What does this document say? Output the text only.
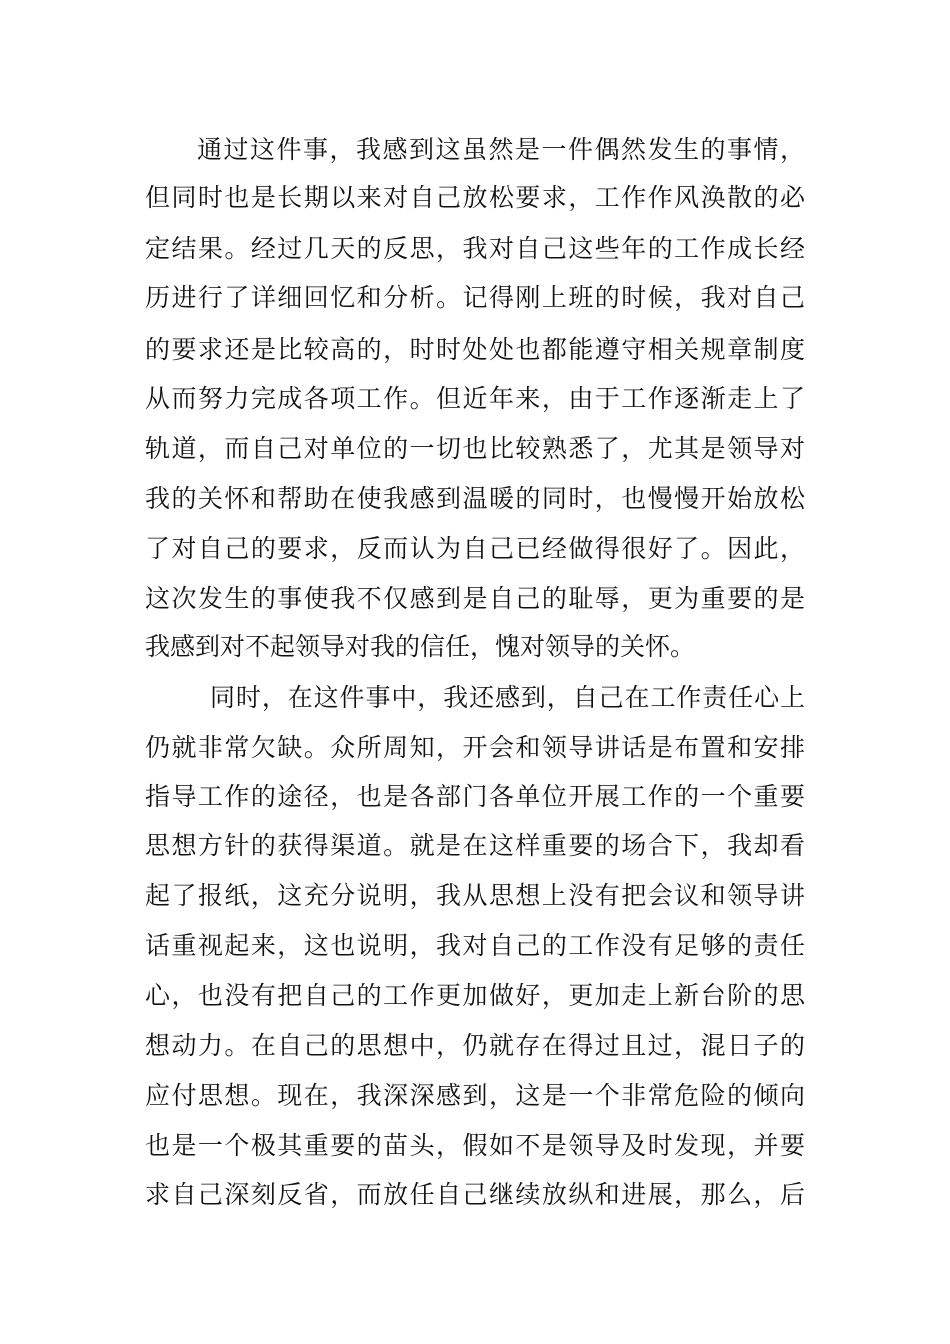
通过这件事，我感到这虽然是一件偶然发生的事情，
但同时也是长期以来对自己放松要求，工作作风涣散的必
定结果。经过几天的反思，我对自己这些年的工作成长经
历进行了详细回忆和分析。记得刚上班的时候，我对自己
的要求还是比较高的，时时处处也都能遵守相关规章制度
从而努力完成各项工作。但近年来，由于工作逐渐走上了
轨道，而自己对单位的一切也比较熟悉了，尤其是领导对
我的关怀和帮助在使我感到温暖的同时，也慢慢开始放松
了对自己的要求，反而认为自己已经做得很好了。因此，
这次发生的事使我不仅感到是自己的耻辱，更为重要的是
我感到对不起领导对我的信任，愧对领导的关怀。
同时，在这件事中，我还感到，自己在工作责任心上
仍就非常欠缺。众所周知，开会和领导讲话是布置和安排
指导工作的途径，也是各部门各单位开展工作的一个重要
思想方针的获得渠道。就是在这样重要的场合下，我却看
起了报纸，这充分说明，我从思想上没有把会议和领导讲
话重视起来，这也说明，我对自己的工作没有足够的责任
心，也没有把自己的工作更加做好，更加走上新台阶的思
想动力。在自己的思想中，仍就存在得过且过，混日子的
应付思想。现在，我深深感到，这是一个非常危险的倾向
也是一个极其重要的苗头，假如不是领导及时发现，并要
求自己深刻反省，而放任自己继续放纵和进展，那么，后
